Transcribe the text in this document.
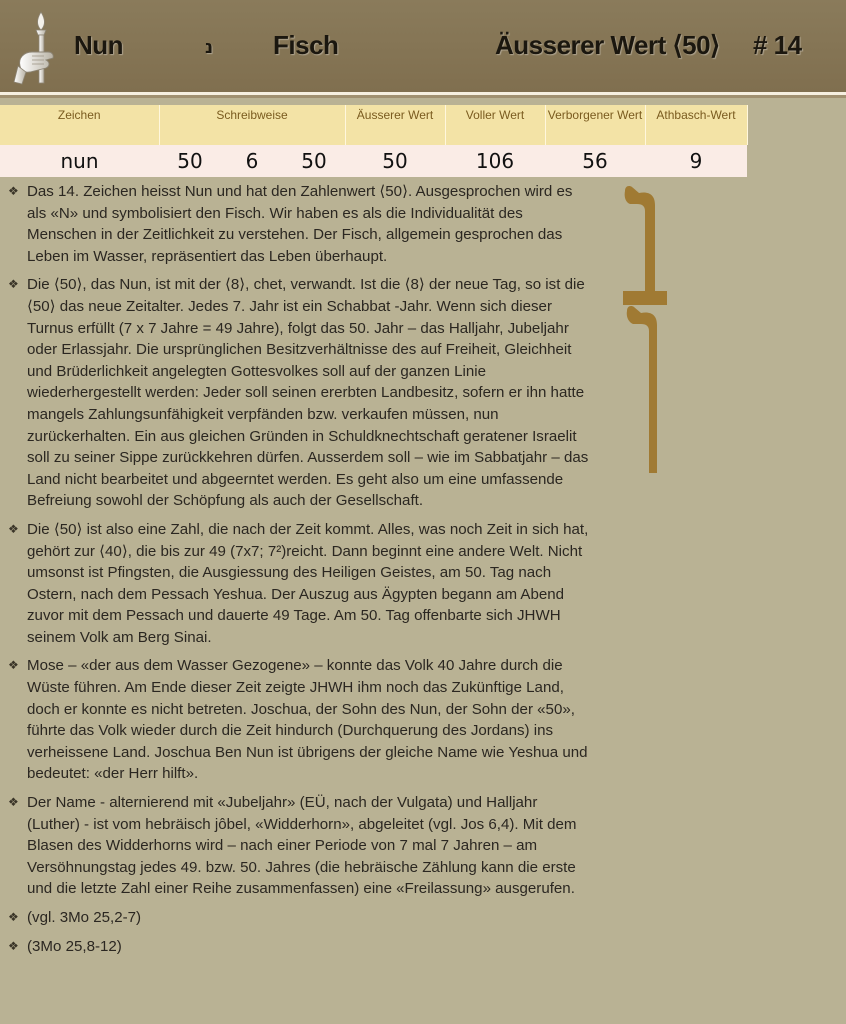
Nun	נ Fisch	Äusserer Wert ⟨50⟩ # 14
Zeichen	Schreibweise			Äusserer Wert	Voller Wert	Verborgener Wert	Athbasch-Wert
nun	50	6	50	50	106	56	9
❖ Das 14. Zeichen heisst Nun und hat den Zahlenwert ⟨50⟩. Ausgesprochen wird es als «N» und symbolisiert den Fisch. Wir haben es als die Individualität des Menschen in der Zeitlichkeit zu verstehen. Der Fisch, allgemein gesprochen das Leben im Wasser, repräsentiert das Leben überhaupt.
❖ Die ⟨50⟩, das Nun, ist mit der ⟨8⟩, chet, verwandt. Ist die ⟨8⟩ der neue Tag, so ist die ⟨50⟩ das neue Zeitalter. Jedes 7. Jahr ist ein Schabbat -Jahr. Wenn sich dieser Turnus erfüllt (7 x 7 Jahre = 49 Jahre), folgt das 50. Jahr – das Halljahr, Jubeljahr oder Erlassjahr. Die ursprünglichen Besitzverhältnisse des auf Freiheit, Gleichheit und Brüderlichkeit angelegten Gottesvolkes soll auf der ganzen Linie wiederhergestellt werden: Jeder soll seinen ererbten Landbesitz, sofern er ihn hatte mangels Zahlungsunfähigkeit verpfänden bzw. verkaufen müssen, nun zurückerhalten. Ein aus gleichen Gründen in Schuldknechtschaft geratener Israelit soll zu seiner Sippe zurückkehren dürfen. Ausserdem soll – wie im Sabbatjahr – das Land nicht bearbeitet und abgeerntet werden. Es geht also um eine umfassende Befreiung sowohl der Schöpfung als auch der Gesellschaft.
❖ Die ⟨50⟩ ist also eine Zahl, die nach der Zeit kommt. Alles, was noch Zeit in sich hat, gehört zur ⟨40⟩, die bis zur 49 (7x7; 7²)reicht. Dann beginnt eine andere Welt. Nicht umsonst ist Pfingsten, die Ausgiessung des Heiligen Geistes, am 50. Tag nach Ostern, nach dem Pessach Yeshua. Der Auszug aus Ägypten begann am Abend zuvor mit dem Pessach und dauerte 49 Tage. Am 50. Tag offenbarte sich JHWH seinem Volk am Berg Sinai.
❖ Mose – «der aus dem Wasser Gezogene» – konnte das Volk 40 Jahre durch die Wüste führen. Am Ende dieser Zeit zeigte JHWH ihm noch das Zukünftige Land, doch er konnte es nicht betreten. Joschua, der Sohn des Nun, der Sohn der «50», führte das Volk wieder durch die Zeit hindurch (Durchquerung des Jordans) ins verheissene Land. Joschua Ben Nun ist übrigens der gleiche Name wie Yeshua und bedeutet: «der Herr hilft».
❖ Der Name - alternierend mit «Jubeljahr» (EÜ, nach der Vulgata) und Halljahr (Luther) - ist vom hebräisch jôbel, «Widderhorn», abgeleitet (vgl. Jos 6,4). Mit dem Blasen des Widderhorns wird – nach einer Periode von 7 mal 7 Jahren – am Versöhnungstag jedes 49. bzw. 50. Jahres (die hebräische Zählung kann die erste und die letzte Zahl einer Reihe zusammenfassen) eine «Freilassung» ausgerufen.
❖ (vgl. 3Mo 25,2-7)
❖ (3Mo 25,8-12)
